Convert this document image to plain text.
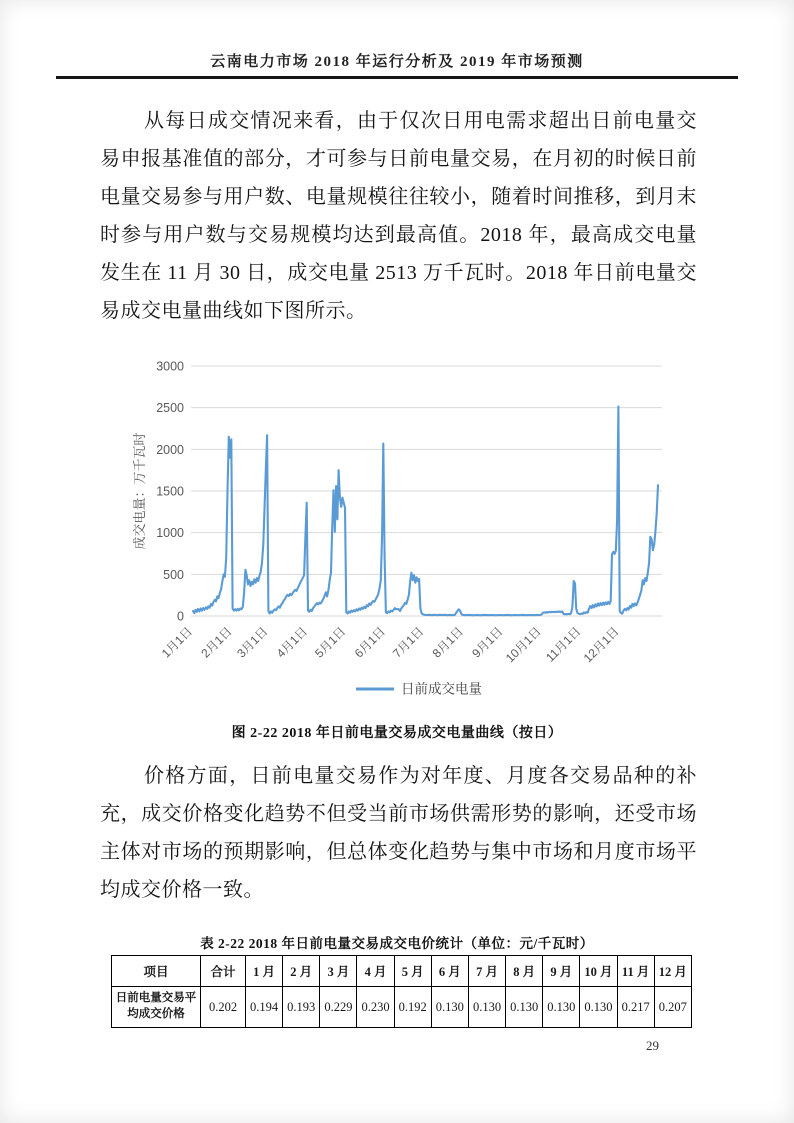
云南电力市场 2018 年运行分析及 2019 年市场预测
从每日成交情况来看，由于仅次日用电需求超出日前电量交易申报基准值的部分，才可参与日前电量交易，在月初的时候日前电量交易参与用户数、电量规模往往较小，随着时间推移，到月末时参与用户数与交易规模均达到最高值。2018 年，最高成交电量发生在 11 月 30 日，成交电量 2513 万千瓦时。2018 年日前电量交易成交电量曲线如下图所示。
0
500
1000
1500
2000
2500
3000
成交电量：万千瓦时
1月1日 2月1日 3月1日 4月1日 5月1日 6月1日 7月1日 8月1日 9月1日
10月1日 11月1日
12月1日
日前成交电量
图 2-22 2018 年日前电量交易成交电量曲线（按日）
价格方面，日前电量交易作为对年度、月度各交易品种的补充，成交价格变化趋势不但受当前市场供需形势的影响，还受市场主体对市场的预期影响，但总体变化趋势与集中市场和月度市场平均成交价格一致。
表 2-22 2018 年日前电量交易成交电价统计（单位：元/千瓦时）
项目	合计	1 月	2 月	3 月	4 月	5 月	6 月	7 月	8 月	9 月	10 月	11 月	12 月
日前电量交易平均成交价格	0.202	0.194	0.193	0.229	0.230	0.192	0.130	0.130	0.130	0.130	0.130	0.217	0.207
29
